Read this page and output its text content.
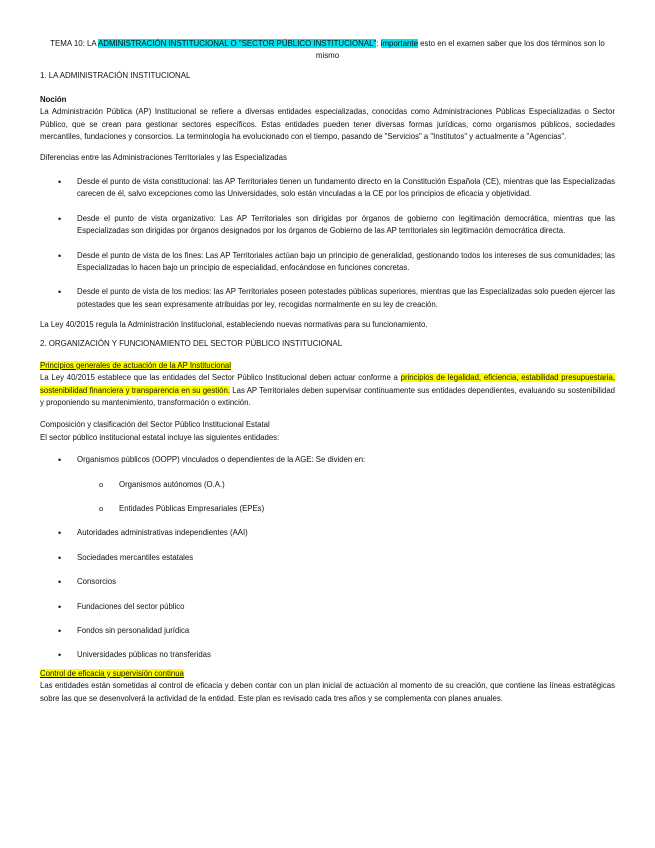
TEMA 10: LA ADMINISTRACIÓN INSTITUCIONAL O "SECTOR PÚBLICO INSTITUCIONAL": importante esto en el examen saber que los dos términos son lo mismo
1. LA ADMINISTRACIÓN INSTITUCIONAL
Noción

La Administración Pública (AP) Institucional se refiere a diversas entidades especializadas, conocidas como Administraciones Públicas Especializadas o Sector Público, que se crean para gestionar sectores específicos. Estas entidades pueden tener diversas formas jurídicas, como organismos públicos, sociedades mercantiles, fundaciones y consorcios. La terminología ha evolucionado con el tiempo, pasando de "Servicios" a "Institutos" y actualmente a "Agencias".

Diferencias entre las Administraciones Territoriales y las Especializadas

• Desde el punto de vista constitucional: las AP Territoriales tienen un fundamento directo en la Constitución Española (CE), mientras que las Especializadas carecen de él, salvo excepciones como las Universidades, solo están vinculadas a la CE por los principios de eficacia y objetividad.
• Desde el punto de vista organizativo: Las AP Territoriales son dirigidas por órganos de gobierno con legitimación democrática, mientras que las Especializadas son dirigidas por órganos designados por los órganos de Gobierno de las AP territoriales sin legitimación democrática directa.
• Desde el punto de vista de los fines: Las AP Territoriales actúan bajo un principio de generalidad, gestionando todos los intereses de sus comunidades; las Especializadas lo hacen bajo un principio de especialidad, enfocándose en funciones concretas.
• Desde el punto de vista de los medios: las AP Territoriales poseen potestades públicas superiores, mientras que las Especializadas solo pueden ejercer las potestades que les sean expresamente atribuidas por ley, recogidas normalmente en su ley de creación.

La Ley 40/2015 regula la Administración Institucional, estableciendo nuevas normativas para su funcionamiento.

2. ORGANIZACIÓN Y FUNCIONAMIENTO DEL SECTOR PÚBLICO INSTITUCIONAL
Principios generales de actuación de la AP Institucional

La Ley 40/2015 establece que las entidades del Sector Público Institucional deben actuar conforme a principios de legalidad, eficiencia, estabilidad presupuestaria, sostenibilidad financiera y transparencia en su gestión. Las AP Territoriales deben supervisar continuamente sus entidades dependientes, evaluando su sostenibilidad y proponiendo su mantenimiento, transformación o extinción.

Composición y clasificación del Sector Público Institucional Estatal

El sector público institucional estatal incluye las siguientes entidades:

• Organismos públicos (OOPP) vinculados o dependientes de la AGE: Se dividen en:
o Organismos autónomos (O.A.)
o Entidades Públicas Empresariales (EPEs)
• Autoridades administrativas independientes (AAI)
• Sociedades mercantiles estatales
• Consorcios
• Fundaciones del sector público
• Fondos sin personalidad jurídica
• Universidades públicas no transferidas
Control de eficacia y supervisión continua

Las entidades están sometidas al control de eficacia y deben contar con un plan inicial de actuación al momento de su creación, que contiene las líneas estratégicas sobre las que se desenvolverá la actividad de la entidad. Este plan es revisado cada tres años y se complementa con planes anuales.
